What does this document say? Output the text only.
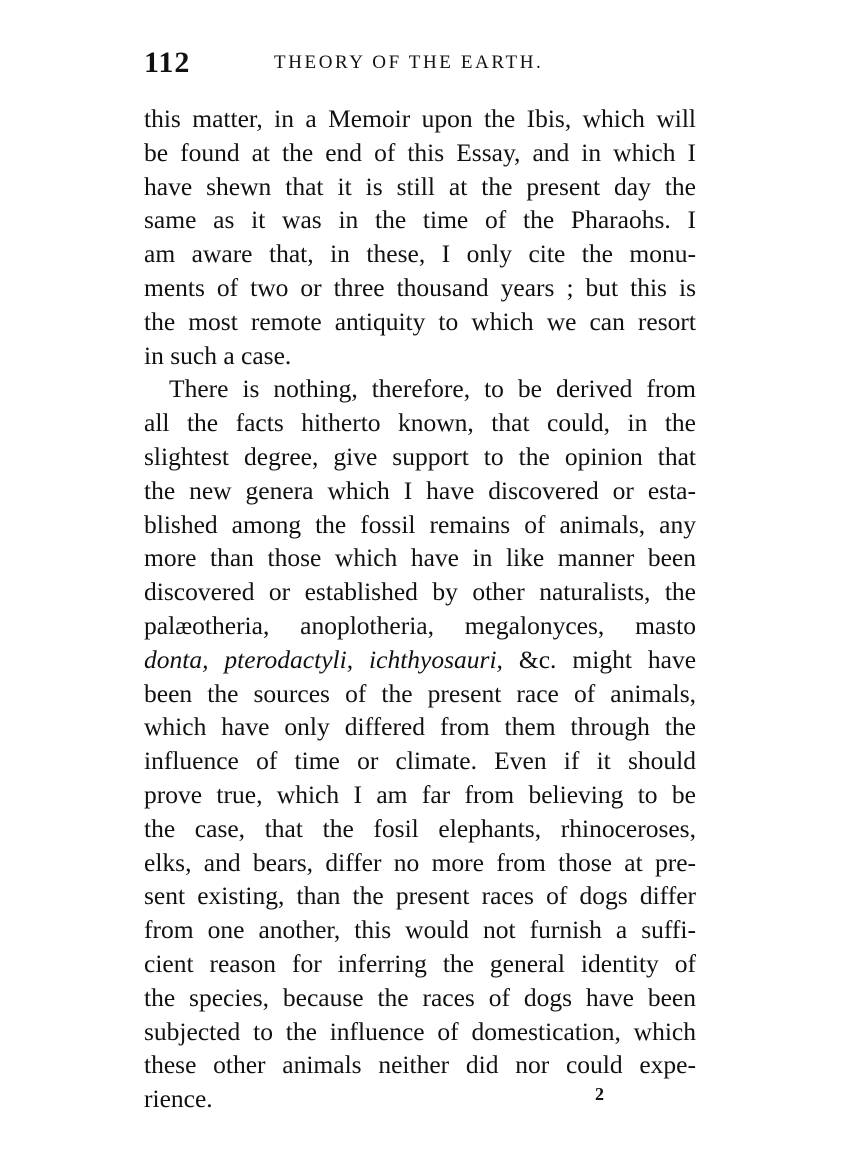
112	THEORY OF THE EARTH.
this matter, in a Memoir upon the Ibis, which will
be found at the end of this Essay, and in which I
have shewn that it is still at the present day the
same as it was in the time of the Pharaohs. I
am aware that, in these, I only cite the monu-
ments of two or three thousand years ; but this is
the most remote antiquity to which we can resort
in such a case.
There is nothing, therefore, to be derived from
all the facts hitherto known, that could, in the
slightest degree, give support to the opinion that
the new genera which I have discovered or esta-
blished among the fossil remains of animals, any
more than those which have in like manner been
discovered or established by other naturalists, the
palæotheria, anoplotheria, megalonyces, masto
donta, pterodactyli, ichthyosauri, &c. might have
been the sources of the present race of animals,
which have only differed from them through the
influence of time or climate. Even if it should
prove true, which I am far from believing to be
the case, that the fosil elephants, rhinoceroses,
elks, and bears, differ no more from those at pre-
sent existing, than the present races of dogs differ
from one another, this would not furnish a suffi-
cient reason for inferring the general identity of
the species, because the races of dogs have been
subjected to the influence of domestication, which
these other animals neither did nor could expe-
rience.	2
